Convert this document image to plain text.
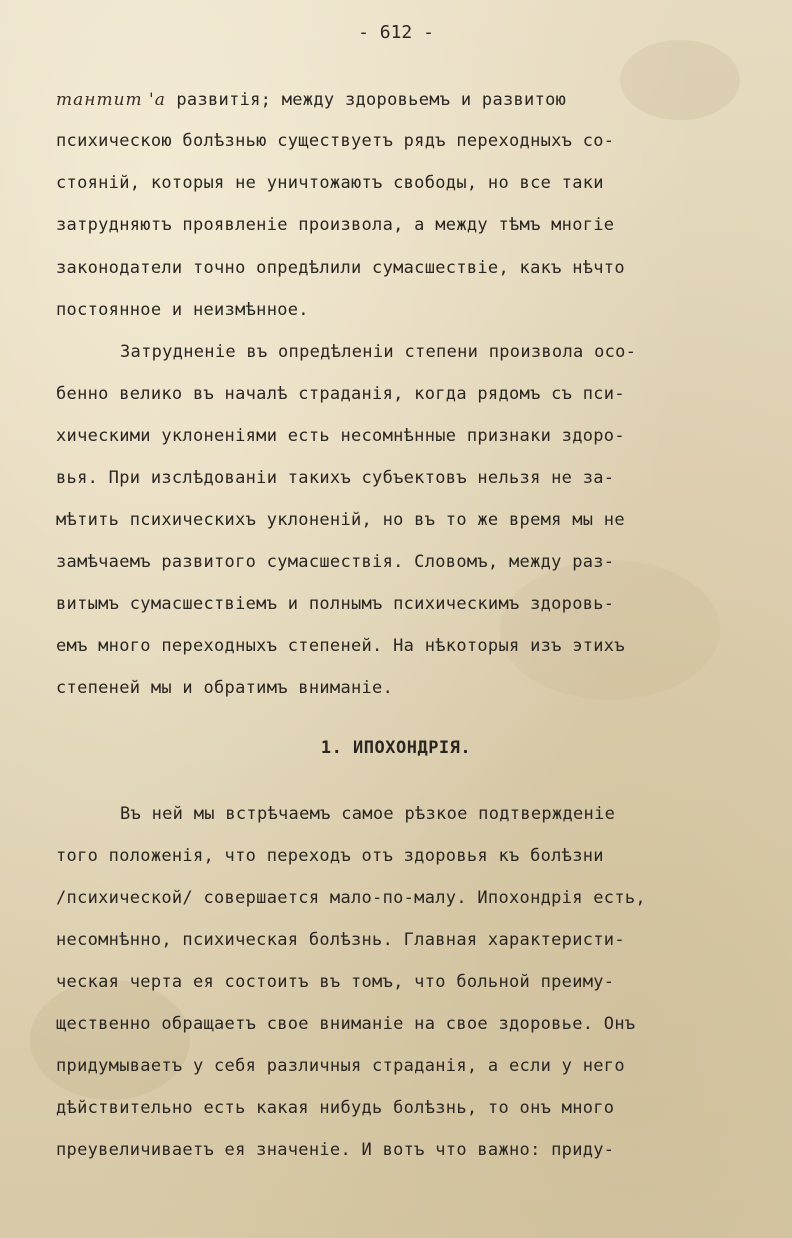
- 612 -
тантит 'а развитія; между здоровьемъ и развитою
психическою болѣзнью существуетъ рядъ переходныхъ со-
стояній, которыя не уничтожаютъ свободы, но все таки
затрудняютъ проявленіе произвола, а между тѣмъ многіе
законодатели точно опредѣлили сумасшествіе, какъ нѣчто
постоянное и неизмѣнное.
Затрудненіе въ опредѣленіи степени произвола осо-
бенно велико въ началѣ страданія, когда рядомъ съ пси-
хическими уклоненіями есть несомнѣнные признаки здоро-
вья. При изслѣдованіи такихъ субъектовъ нельзя не за-
мѣтить психическихъ уклоненій, но въ то же время мы не
замѣчаемъ развитого сумасшествія. Словомъ, между раз-
витымъ сумасшествіемъ и полнымъ психическимъ здоровь-
емъ много переходныхъ степеней. На нѣкоторыя изъ этихъ
степеней мы и обратимъ вниманіе.
1. ИПОХОНДРІЯ.
Въ ней мы встрѣчаемъ самое рѣзкое подтвержденіе
того положенія, что переходъ отъ здоровья къ болѣзни
/психической/ совершается мало-по-малу. Ипохондрія есть,
несомнѣнно, психическая болѣзнь. Главная характеристи-
ческая черта ея состоитъ въ томъ, что больной преиму-
щественно обращаетъ свое вниманіе на свое здоровье. Онъ
придумываетъ у себя различныя страданія, а если у него
дѣйствительно есть какая нибудь болѣзнь, то онъ много
преувеличиваетъ ея значеніе. И вотъ что важно: приду-
